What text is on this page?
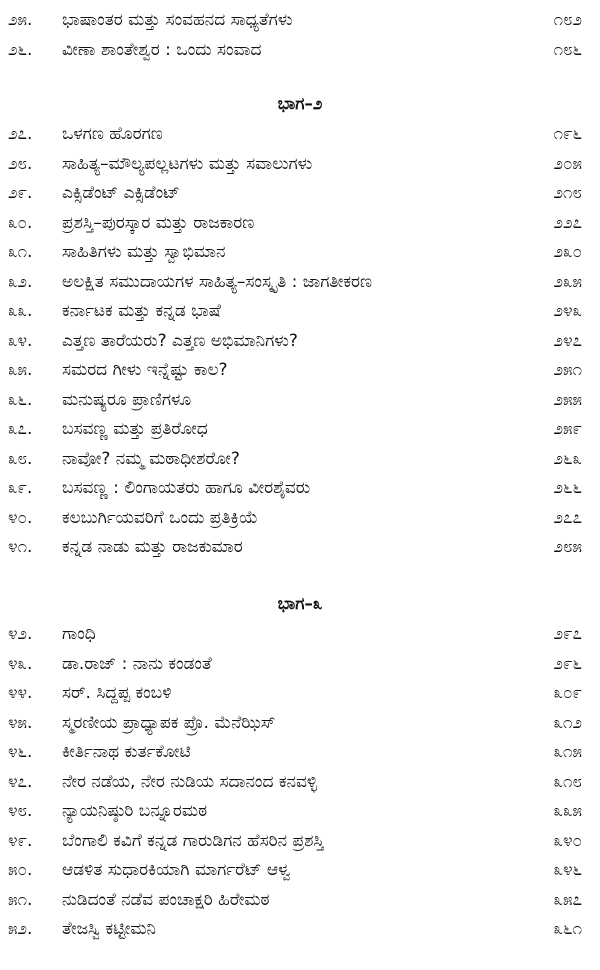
೨೫. ಭಾಷಾಂತರ ಮತ್ತು ಸಂವಹನದ ಸಾಧ್ಯತೆಗಳು	೧೮೨
೨೬. ವೀಣಾ ಶಾಂತೇಶ್ವರ : ಒಂದು ಸಂವಾದ	೧೮೬
ಭಾಗ–೨
೨೭. ಒಳಗಣ ಹೊರಗಣ	೧೯೬
೨೮. ಸಾಹಿತ್ಯ–ಮೌಲ್ಯಪಲ್ಲಟಗಳು ಮತ್ತು ಸವಾಲುಗಳು	೨೦೫
೨೯. ಎಕ್ಸಿಡೆಂಟ್ ಎಕ್ಸಿಡೆಂಟ್	೨೧೮
೩೦. ಪ್ರಶಸ್ತಿ–ಪುರಸ್ಕಾರ ಮತ್ತು ರಾಜಕಾರಣ	೨೨೭
೩೧. ಸಾಹಿತಿಗಳು ಮತ್ತು ಸ್ವಾಭಿಮಾನ	೨೩೦
೩೨. ಅಲಕ್ಷಿತ ಸಮುದಾಯಗಳ ಸಾಹಿತ್ಯ–ಸಂಸ್ಕೃತಿ : ಜಾಗತೀಕರಣ	೨೩೫
೩೩. ಕರ್ನಾಟಕ ಮತ್ತು ಕನ್ನಡ ಭಾಷೆ	೨೪೩
೩೪. ಎತ್ತಣ ತಾರೆಯರು? ಎತ್ತಣ ಅಭಿಮಾನಿಗಳು?	೨೪೭
೩೫. ಸಮರದ ಗೀಳು ಇನ್ನೆಷ್ಟು ಕಾಲ?	೨೫೧
೩೬. ಮನುಷ್ಯರೂ ಪ್ರಾಣಿಗಳೂ	೨೫೫
೩೭. ಬಸವಣ್ಣ ಮತ್ತು ಪ್ರತಿರೋಧ	೨೫೯
೩೮. ನಾವೋ? ನಮ್ಮ ಮಠಾಧೀಶರೋ?	೨೬೩
೩೯. ಬಸವಣ್ಣ : ಲಿಂಗಾಯತರು ಹಾಗೂ ವೀರಶೈವರು	೨೬೬
೪೦. ಕಲಬುರ್ಗಿಯವರಿಗೆ ಒಂದು ಪ್ರತಿಕ್ರಿಯೆ	೨೭೭
೪೧. ಕನ್ನಡ ನಾಡು ಮತ್ತು ರಾಜಕುಮಾರ	೨೮೫
ಭಾಗ–೩
೪೨. ಗಾಂಧಿ	೨೯೭
೪೩. ಡಾ.ರಾಜ್ : ನಾನು ಕಂಡಂತೆ	೨೯೬
೪೪. ಸರ್. ಸಿದ್ದಪ್ಪ ಕಂಬಳಿ	೩೦೯
೪೫. ಸ್ಮರಣೀಯ ಪ್ರಾಧ್ಯಾಪಕ ಪ್ರೊ. ಮೆನೆಝಿಸ್	೩೧೨
೪೬. ಕೀರ್ತಿನಾಥ ಕುರ್ತಕೋಟಿ	೩೧೫
೪೭. ನೇರ ನಡೆಯ, ನೇರ ನುಡಿಯ ಸದಾನಂದ ಕನವಳ್ಳಿ	೩೧೮
೪೮. ನ್ಯಾಯನಿಷ್ಠುರಿ ಬನ್ನೂರಮಠ	೩೩೫
೪೯. ಬೆಂಗಾಲಿ ಕವಿಗೆ ಕನ್ನಡ ಗಾರುಡಿಗನ ಹೆಸರಿನ ಪ್ರಶಸ್ತಿ	೩೪೦
೫೦. ಆಡಳಿತ ಸುಧಾರಕಿಯಾಗಿ ಮಾರ್ಗರೆಟ್ ಆಳ್ವ	೩೪೬
೫೧. ನುಡಿದಂತೆ ನಡೆವ ಪಂಚಾಕ್ಷರಿ ಹಿರೇಮಠ	೩೫೭
೫೨. ತೇಜಸ್ವಿ ಕಟ್ಟೀಮನಿ	೩೬೧
